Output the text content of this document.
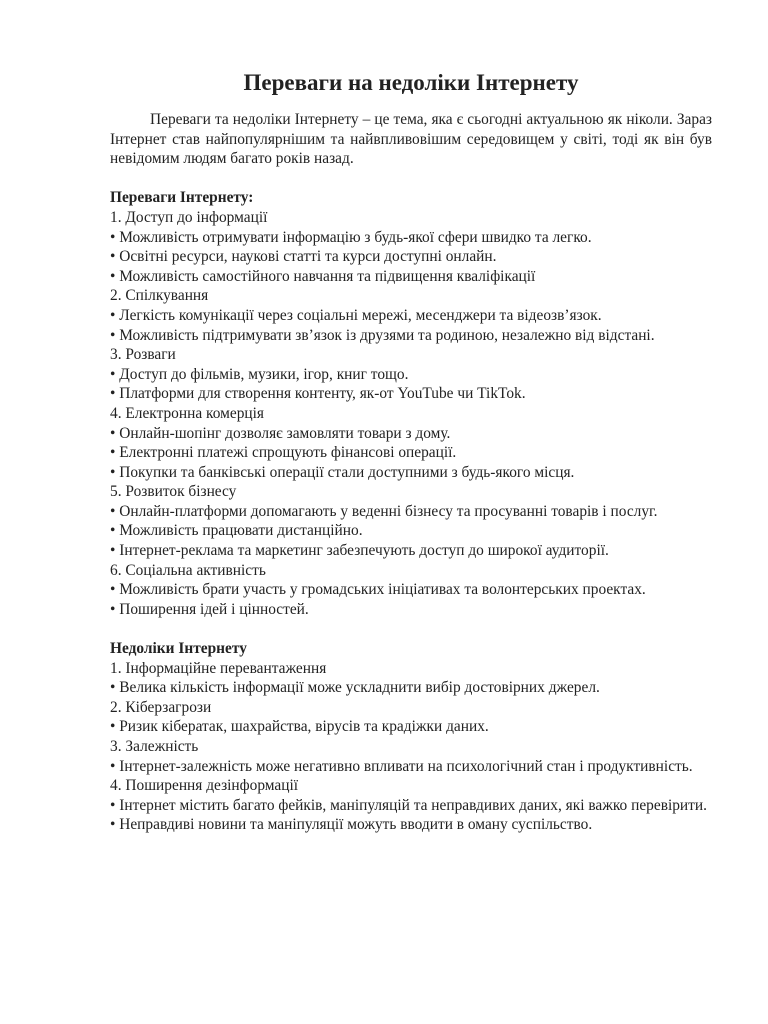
Переваги на недоліки Інтернету

Переваги та недоліки Інтернету – це тема, яка є сьогодні актуальною як ніколи. Зараз Інтернет став найпопулярнішим та найвпливовішим середовищем у світі, тоді як він був невідомим людям багато років назад.

Переваги Інтернету:

1. Доступ до інформації

• Можливість отримувати інформацію з будь-якої сфери швидко та легко.

• Освітні ресурси, наукові статті та курси доступні онлайн.

• Можливість самостійного навчання та підвищення кваліфікації

2. Спілкування

• Легкість комунікації через соціальні мережі, месенджери та відеозв’язок.

• Можливість підтримувати зв’язок із друзями та родиною, незалежно від відстані.

3. Розваги

• Доступ до фільмів, музики, ігор, книг тощо.

• Платформи для створення контенту, як-от YouTube чи TikTok.

4. Електронна комерція

• Онлайн-шопінг дозволяє замовляти товари з дому.

• Електронні платежі спрощують фінансові операції.

• Покупки та банківські операції стали доступними з будь-якого місця.

5. Розвиток бізнесу

• Онлайн-платформи допомагають у веденні бізнесу та просуванні товарів і послуг.

• Можливість працювати дистанційно.

• Інтернет-реклама та маркетинг забезпечують доступ до широкої аудиторії.

6. Соціальна активність

• Можливість брати участь у громадських ініціативах та волонтерських проектах.

• Поширення ідей і цінностей.

Недоліки Інтернету

1. Інформаційне перевантаження

• Велика кількість інформації може ускладнити вибір достовірних джерел.

2. Кіберзагрози

• Ризик кібератак, шахрайства, вірусів та крадіжки даних.

3. Залежність

• Інтернет-залежність може негативно впливати на психологічний стан і продуктивність.

4. Поширення дезінформації

• Інтернет містить багато фейків, маніпуляцій та неправдивих даних, які важко перевірити.

• Неправдиві новини та маніпуляції можуть вводити в оману суспільство.
